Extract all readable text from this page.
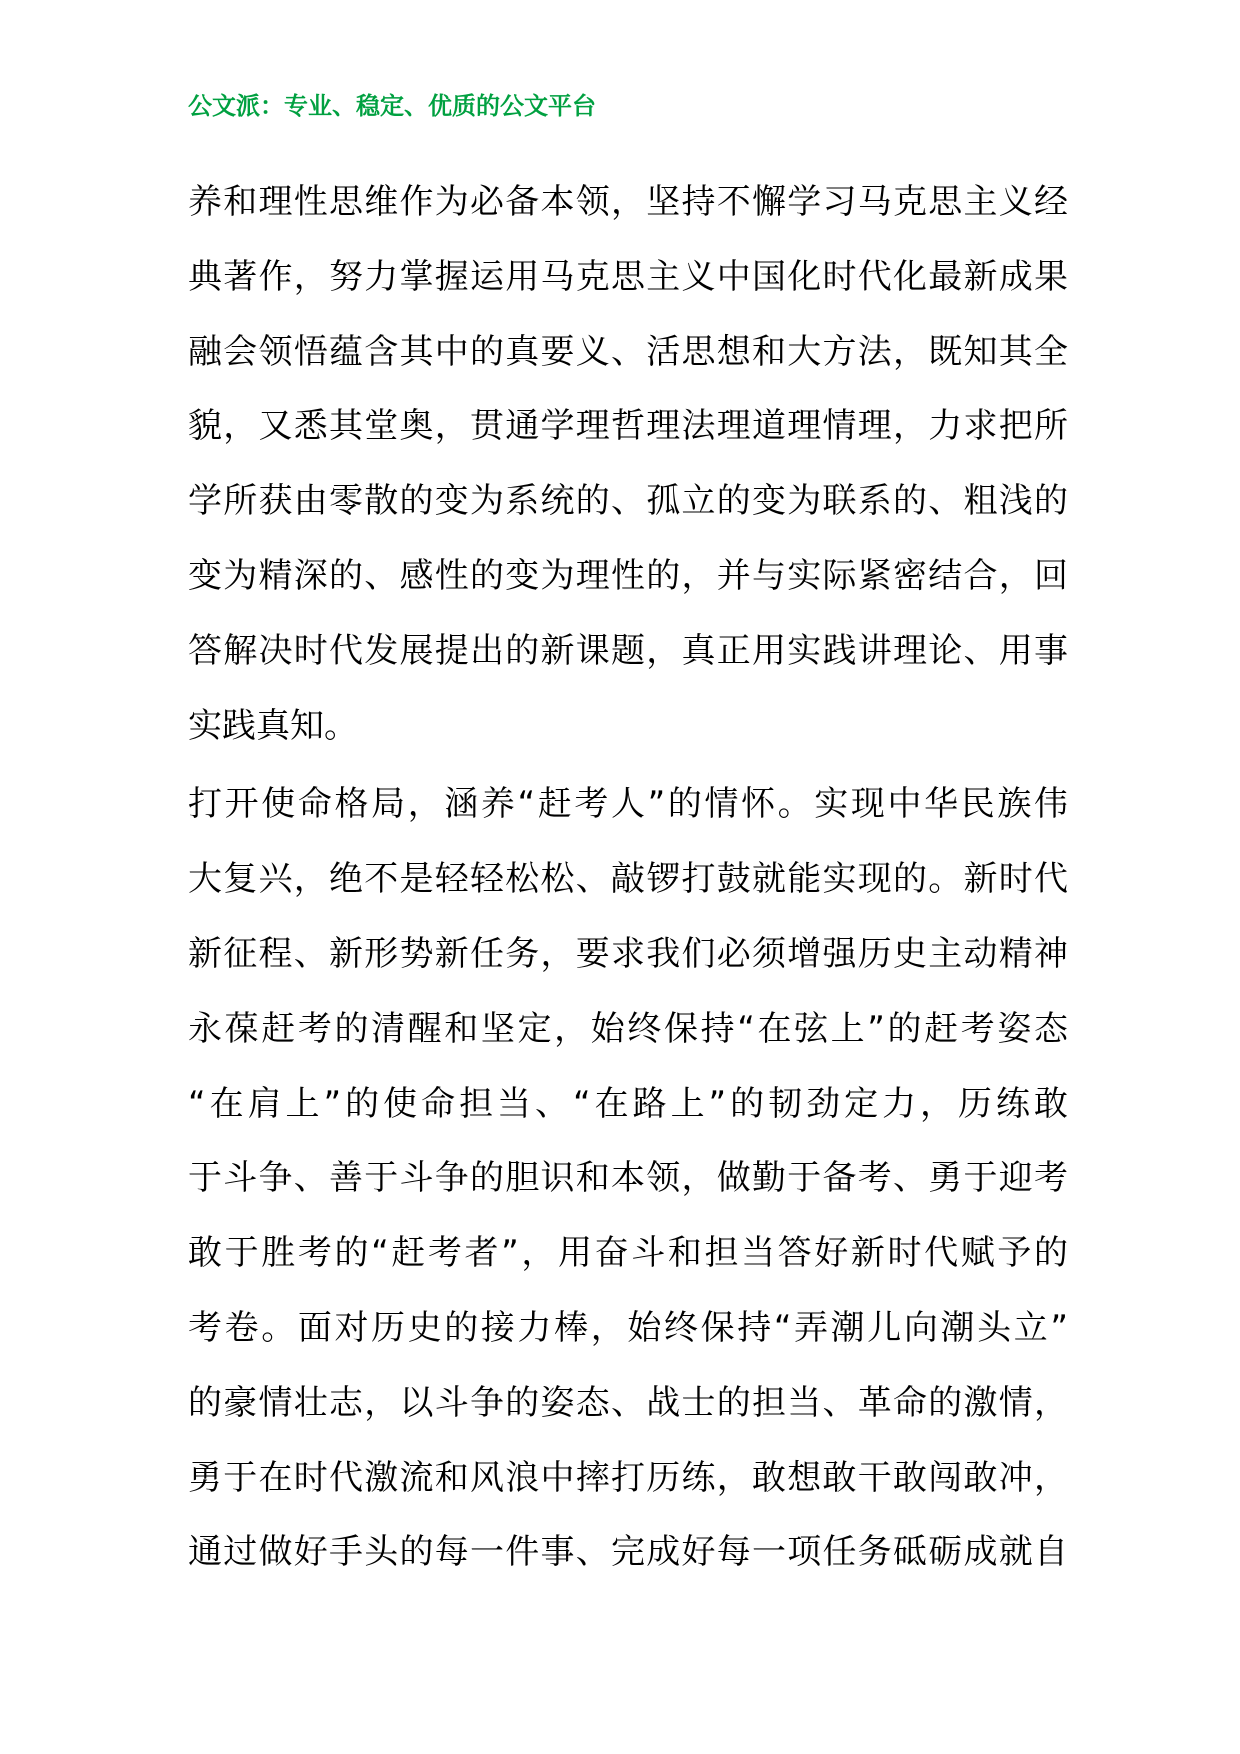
公文派：专业、稳定、优质的公文平台
养和理性思维作为必备本领，坚持不懈学习马克思主义经
典著作，努力掌握运用马克思主义中国化时代化最新成果
融会领悟蕴含其中的真要义、活思想和大方法，既知其全
貌，又悉其堂奥，贯通学理哲理法理道理情理，力求把所
学所获由零散的变为系统的、孤立的变为联系的、粗浅的
变为精深的、感性的变为理性的，并与实际紧密结合，回
答解决时代发展提出的新课题，真正用实践讲理论、用事
实践真知。
打开使命格局，涵养“赶考人”的情怀。实现中华民族伟
大复兴，绝不是轻轻松松、敲锣打鼓就能实现的。新时代
新征程、新形势新任务，要求我们必须增强历史主动精神
永葆赶考的清醒和坚定，始终保持“在弦上”的赶考姿态
“在肩上”的使命担当、“在路上”的韧劲定力，历练敢
于斗争、善于斗争的胆识和本领，做勤于备考、勇于迎考
敢于胜考的“赶考者”，用奋斗和担当答好新时代赋予的
考卷。面对历史的接力棒，始终保持“弄潮儿向潮头立”
的豪情壮志，以斗争的姿态、战士的担当、革命的激情，
勇于在时代激流和风浪中摔打历练，敢想敢干敢闯敢冲，
通过做好手头的每一件事、完成好每一项任务砥砺成就自
